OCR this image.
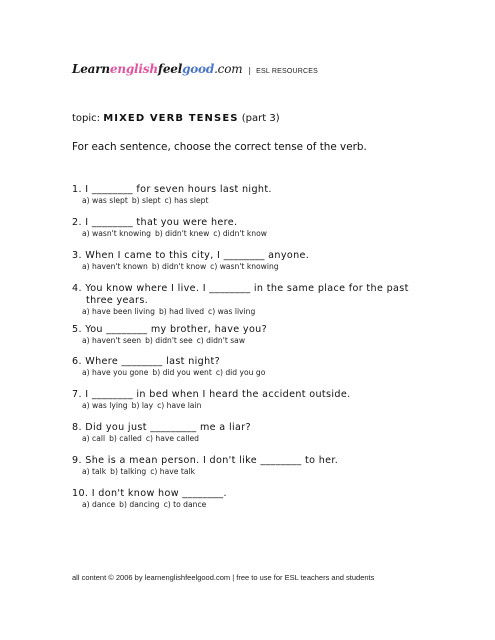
Learnenglishfeelgood.com | ESL RESOURCES
topic: MIXED VERB TENSES (part 3)
For each sentence, choose the correct tense of the verb.
1. I ________ for seven hours last night.
a) was slept b) slept c) has slept
2. I ________ that you were here.
a) wasn't knowing b) didn't knew c) didn't know
3. When I came to this city, I ________ anyone.
a) haven't known b) didn't know c) wasn't knowing
4. You know where I live. I ________ in the same place for the past
three years.
a) have been living b) had lived c) was living
5. You ________ my brother, have you?
a) haven't seen b) didn't see c) didn't saw
6. Where ________ last night?
a) have you gone b) did you went c) did you go
7. I ________ in bed when I heard the accident outside.
a) was lying b) lay c) have lain
8. Did you just _________ me a liar?
a) call b) called c) have called
9. She is a mean person. I don't like ________ to her.
a) talk b) talking c) have talk
10. I don't know how ________.
a) dance b) dancing c) to dance
all content © 2006 by learnenglishfeelgood.com | free to use for ESL teachers and students
